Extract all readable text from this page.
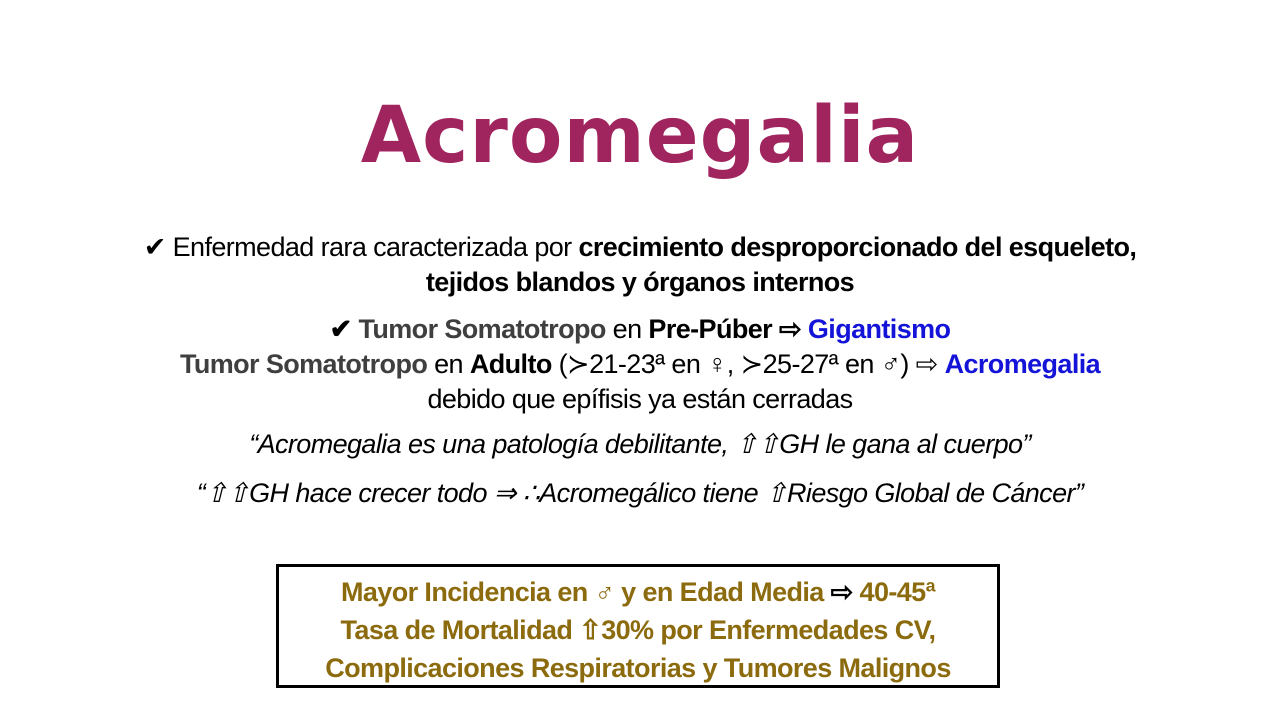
Acromegalia

✔ Enfermedad rara caracterizada por crecimiento desproporcionado del esqueleto, tejidos blandos y órganos internos

✔ Tumor Somatotropo en Pre-Púber ⇨ Gigantismo
Tumor Somatotropo en Adulto (≻21-23ª en ♀, ≻25-27ª en ♂) ⇨ Acromegalia
debido que epífisis ya están cerradas

“Acromegalia es una patología debilitante, ⇧⇧GH le gana al cuerpo”

“⇧⇧GH hace crecer todo ⇒ ∴Acromegálico tiene ⇧Riesgo Global de Cáncer”

Mayor Incidencia en ♂ y en Edad Media ⇨ 40-45ª
Tasa de Mortalidad ⇧30% por Enfermedades CV,
Complicaciones Respiratorias y Tumores Malignos
